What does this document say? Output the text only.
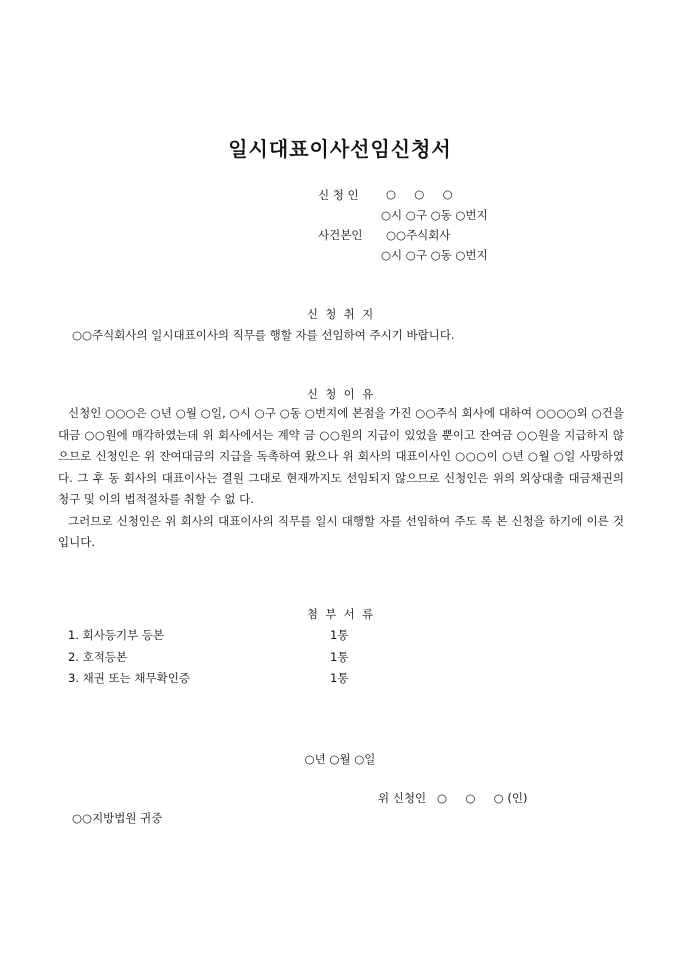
일시대표이사선임신청서
신 청 인 ○     ○     ○
○시 ○구 ○동 ○번지
사건본인 ○○주식회사
○시 ○구 ○동 ○번지
신  청  취  지
○○주식회사의 일시대표이사의 직무를 행할 자를 선임하여 주시기 바랍니다.
신  청  이  유

신청인 ○○○은 ○년 ○월 ○일, ○시 ○구 ○동 ○번지에 본점을 가진 ○○주식 회사에 대하여 ○○○○외 ○건을 대금 ○○원에 매각하였는데 위 회사에서는 계약 금 ○○원의 지급이 있었을 뿐이고 잔여금 ○○원을 지급하지 않으므로 신청인은 위 잔여대금의 지급을 독촉하여 왔으나 위 회사의 대표이사인 ○○○이 ○년 ○월 ○일 사망하였다. 그 후 동 회사의 대표이사는 결원 그대로 현재까지도 선임되지 않으므로 신청인은 위의 외상대출 대금채권의 청구 및 이의 법적절차를 취할 수 없 다.

그러므로 신청인은 위 회사의 대표이사의 직무를 일시 대행할 자를 선임하여 주도 록 본 신청을 하기에 이른 것입니다.

첨  부  서  류
1. 회사등기부 등본	1통
2. 호적등본	1통
3. 채권 또는 채무확인증	1통
○년 ○월 ○일
위 신청인   ○     ○     ○ (인)
○○지방법원 귀중
